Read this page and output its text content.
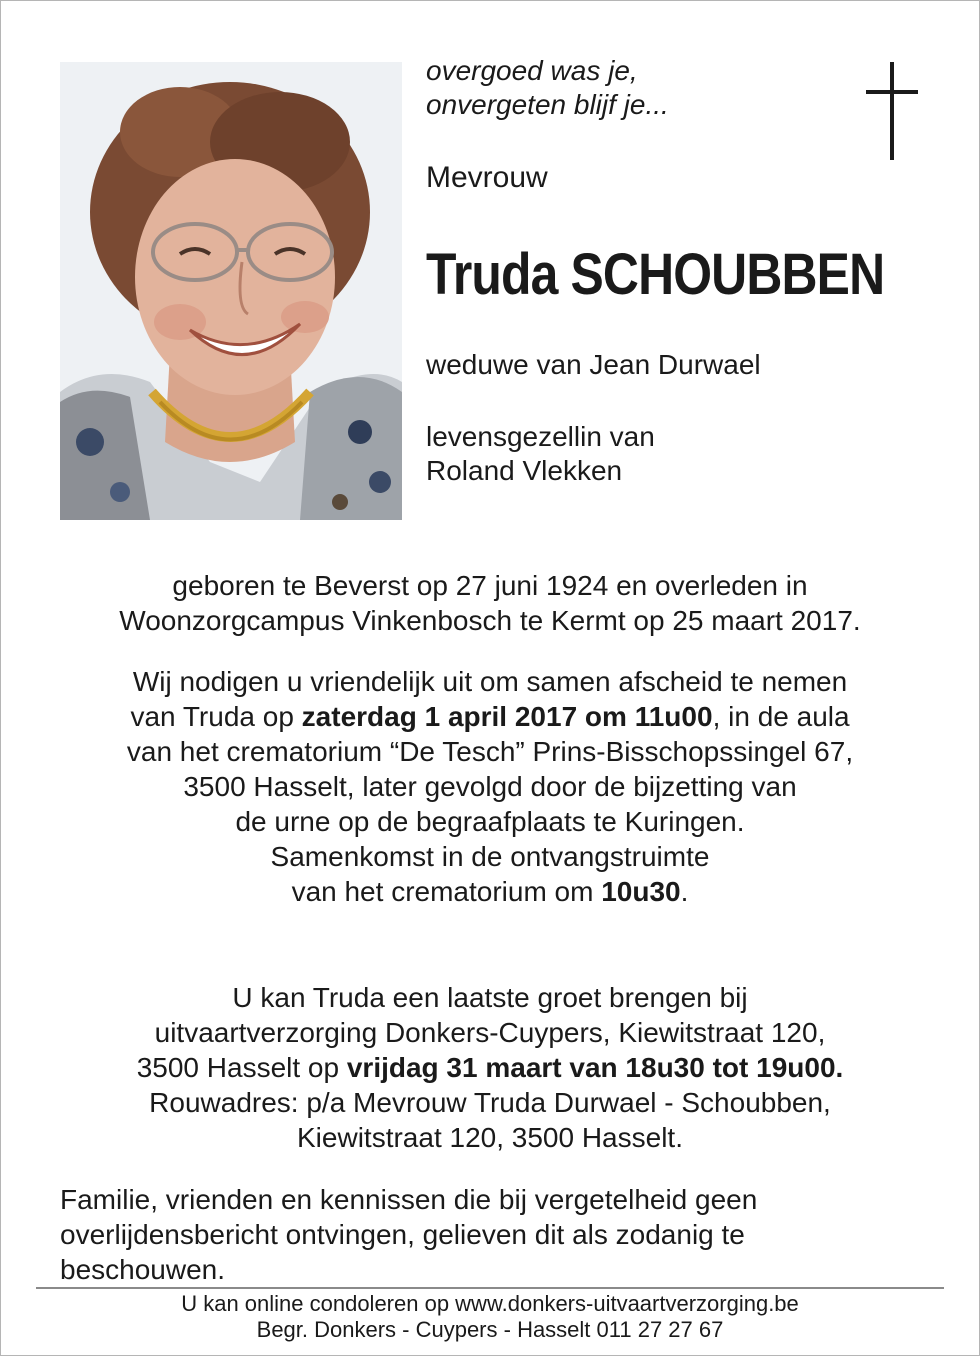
overgoed was je,
onvergeten blijf je...
Mevrouw
Truda SCHOUBBEN
weduwe van Jean Durwael
levensgezellin van
Roland Vlekken
geboren te Beverst op 27 juni 1924 en overleden in
Woonzorgcampus Vinkenbosch te Kermt op 25 maart 2017.
Wij nodigen u vriendelijk uit om samen afscheid te nemen
van Truda op zaterdag 1 april 2017 om 11u00, in de aula
van het crematorium “De Tesch” Prins-Bisschopssingel 67,
3500 Hasselt, later gevolgd door de bijzetting van
de urne op de begraafplaats te Kuringen.
Samenkomst in de ontvangstruimte
van het crematorium om 10u30.
U kan Truda een laatste groet brengen bij
uitvaartverzorging Donkers-Cuypers, Kiewitstraat 120,
3500 Hasselt op vrijdag 31 maart van 18u30 tot 19u00.
Rouwadres: p/a Mevrouw Truda Durwael - Schoubben,
Kiewitstraat 120, 3500 Hasselt.
Familie, vrienden en kennissen die bij vergetelheid geen
overlijdensbericht ontvingen, gelieven dit als zodanig te
beschouwen.
U kan online condoleren op www.donkers-uitvaartverzorging.be
Begr. Donkers - Cuypers - Hasselt 011 27 27 67
